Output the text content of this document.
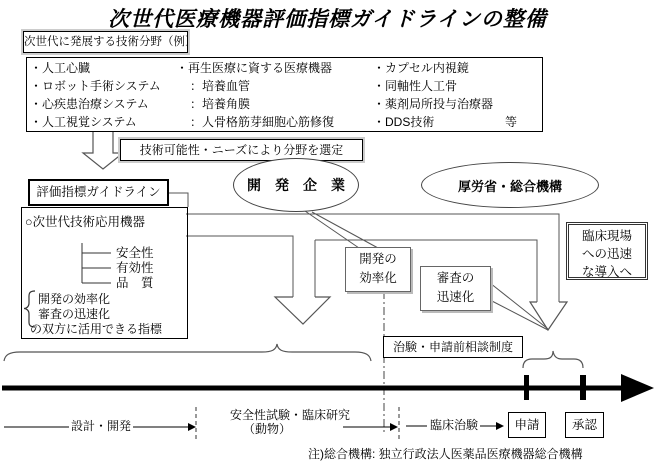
次世代医療機器評価指標ガイドラインの整備
次世代に発展する技術分野（例）
・人工心臓
・ロボット手術システム
・心疾患治療システム
・人工視覚システム
・再生医療に資する医療機器
：培養血管
：培養角膜
：人骨格筋芽細胞心筋修復
・カプセル内視鏡
・同軸性人工骨
・薬剤局所投与治療器
・DDS技術	等
技術可能性・ニーズにより分野を選定
評価指標ガイドライン
○次世代技術応用機器
安全性
有効性
品　質
開発の効率化
審査の迅速化
の双方に活用できる指標
開　発　企　業	厚労省・総合機構
開発の
効率化	審査の
迅速化
臨床現場
への迅速
な導入へ
治験・申請前相談制度
設計・開発
安全性試験・臨床研究
（動物）	臨床治験	申請	承認
注)総合機構: 独立行政法人医薬品医療機器総合機構
